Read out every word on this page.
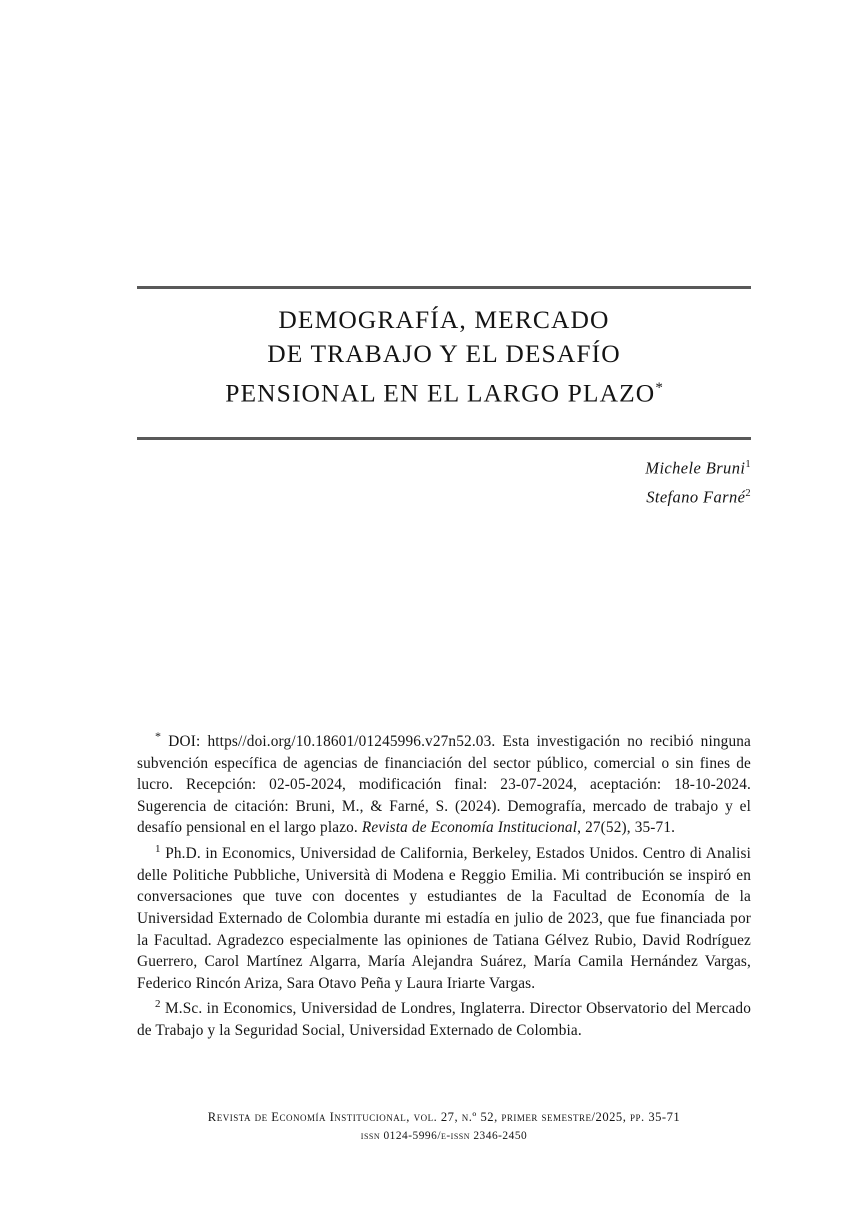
DEMOGRAFÍA, MERCADO
DE TRABAJO Y EL DESAFÍO
PENSIONAL EN EL LARGO PLAZO*
Michele Bruni$^1$
Stefano Farné$^2$

* DOI: https//doi.org/10.18601/01245996.v27n52.03. Esta investigación no recibió ninguna subvención específica de agencias de financiación del sector público, comercial o sin fines de lucro. Recepción: 02-05-2024, modificación final: 23-07-2024, aceptación: 18-10-2024. Sugerencia de citación: Bruni, M., & Farné, S. (2024). Demografía, mercado de trabajo y el desafío pensional en el largo plazo. Revista de Economía Institucional, 27(52), 35-71.

$^1$ Ph.D. in Economics, Universidad de California, Berkeley, Estados Unidos. Centro di Analisi delle Politiche Pubbliche, Università di Modena e Reggio Emilia. Mi contribución se inspiró en conversaciones que tuve con docentes y estudiantes de la Facultad de Economía de la Universidad Externado de Colombia durante mi estadía en julio de 2023, que fue financiada por la Facultad. Agradezco especialmente las opiniones de Tatiana Gélvez Rubio, David Rodríguez Guerrero, Carol Martínez Algarra, María Alejandra Suárez, María Camila Hernández Vargas, Federico Rincón Ariza, Sara Otavo Peña y Laura Iriarte Vargas.

$^2$ M.Sc. in Economics, Universidad de Londres, Inglaterra. Director Observatorio del Mercado de Trabajo y la Seguridad Social, Universidad Externado de Colombia.

Revista de Economía Institucional, vol. 27, n.º 52, primer semestre/2025, pp. 35-71
issn 0124-5996/e-issn 2346-2450
